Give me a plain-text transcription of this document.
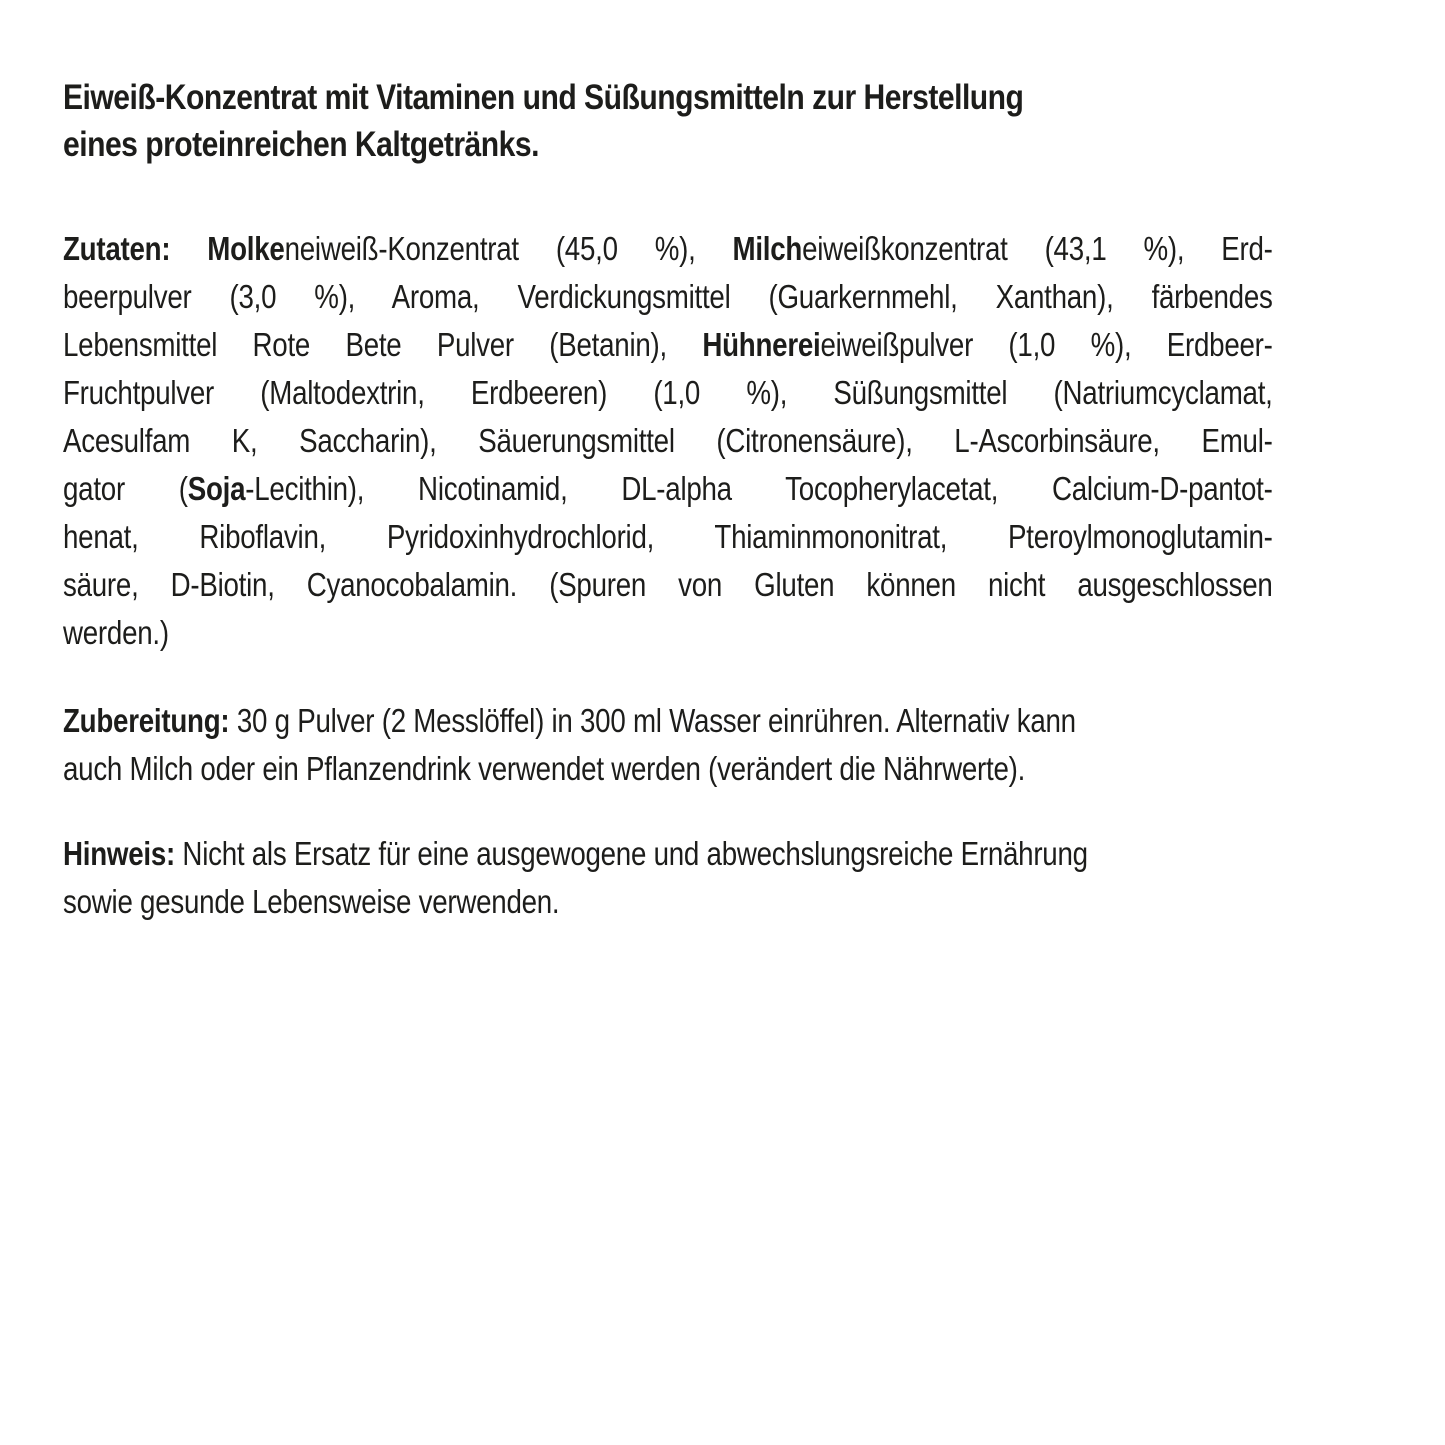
Eiweiß-Konzentrat mit Vitaminen und Süßungsmitteln zur Herstellung
eines proteinreichen Kaltgetränks.
Zutaten: Molkeneiweiß-Konzentrat (45,0 %), Milcheiweißkonzentrat (43,1 %), Erd-
beerpulver (3,0 %), Aroma, Verdickungsmittel (Guarkernmehl, Xanthan), färbendes
Lebensmittel Rote Bete Pulver (Betanin), Hühnereieiweißpulver (1,0 %), Erdbeer-
Fruchtpulver (Maltodextrin, Erdbeeren) (1,0 %), Süßungsmittel (Natriumcyclamat,
Acesulfam K, Saccharin), Säuerungsmittel (Citronensäure), L-Ascorbinsäure, Emul-
gator (Soja-Lecithin), Nicotinamid, DL-alpha Tocopherylacetat, Calcium-D-pantot-
henat, Riboflavin, Pyridoxinhydrochlorid, Thiaminmononitrat, Pteroylmonoglutamin-
säure, D-Biotin, Cyanocobalamin. (Spuren von Gluten können nicht ausgeschlossen
werden.)
Zubereitung: 30 g Pulver (2 Messlöffel) in 300 ml Wasser einrühren. Alternativ kann
auch Milch oder ein Pflanzendrink verwendet werden (verändert die Nährwerte).
Hinweis: Nicht als Ersatz für eine ausgewogene und abwechslungsreiche Ernährung
sowie gesunde Lebensweise verwenden.
